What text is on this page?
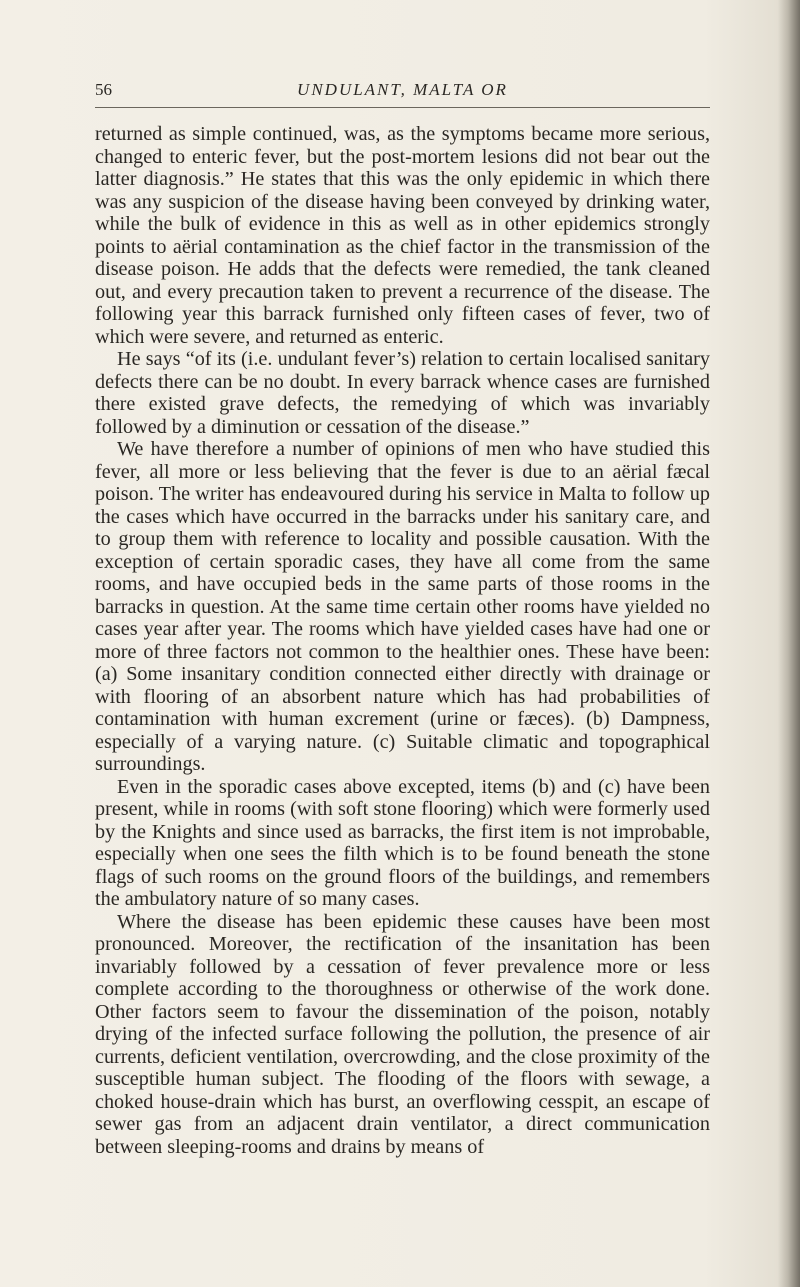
56	UNDULANT, MALTA OR

returned as simple continued, was, as the symptoms became more serious, changed to enteric fever, but the post-mortem lesions did not bear out the latter diagnosis.” He states that this was the only epidemic in which there was any suspicion of the disease having been conveyed by drinking water, while the bulk of evidence in this as well as in other epidemics strongly points to aërial contamination as the chief factor in the transmission of the disease poison. He adds that the defects were remedied, the tank cleaned out, and every precaution taken to prevent a recurrence of the disease. The following year this barrack furnished only fifteen cases of fever, two of which were severe, and returned as enteric.

He says “of its (i.e. undulant fever’s) relation to certain localised sanitary defects there can be no doubt. In every barrack whence cases are furnished there existed grave defects, the remedying of which was invariably followed by a diminution or cessation of the disease.”

We have therefore a number of opinions of men who have studied this fever, all more or less believing that the fever is due to an aërial fæcal poison. The writer has endeavoured during his service in Malta to follow up the cases which have occurred in the barracks under his sanitary care, and to group them with reference to locality and possible causation. With the exception of certain sporadic cases, they have all come from the same rooms, and have occupied beds in the same parts of those rooms in the barracks in question. At the same time certain other rooms have yielded no cases year after year. The rooms which have yielded cases have had one or more of three factors not common to the healthier ones. These have been: (a) Some insanitary condition connected either directly with drainage or with flooring of an absorbent nature which has had probabilities of contamination with human excrement (urine or fæces). (b) Dampness, especially of a varying nature. (c) Suitable climatic and topographical surroundings.

Even in the sporadic cases above excepted, items (b) and (c) have been present, while in rooms (with soft stone flooring) which were formerly used by the Knights and since used as barracks, the first item is not improbable, especially when one sees the filth which is to be found beneath the stone flags of such rooms on the ground floors of the buildings, and remembers the ambulatory nature of so many cases.

Where the disease has been epidemic these causes have been most pronounced. Moreover, the rectification of the insanitation has been invariably followed by a cessation of fever prevalence more or less complete according to the thoroughness or otherwise of the work done. Other factors seem to favour the dissemination of the poison, notably drying of the infected surface following the pollution, the presence of air currents, deficient ventilation, overcrowding, and the close proximity of the susceptible human subject. The flooding of the floors with sewage, a choked house-drain which has burst, an overflowing cesspit, an escape of sewer gas from an adjacent drain ventilator, a direct communication between sleeping-rooms and drains by means of
